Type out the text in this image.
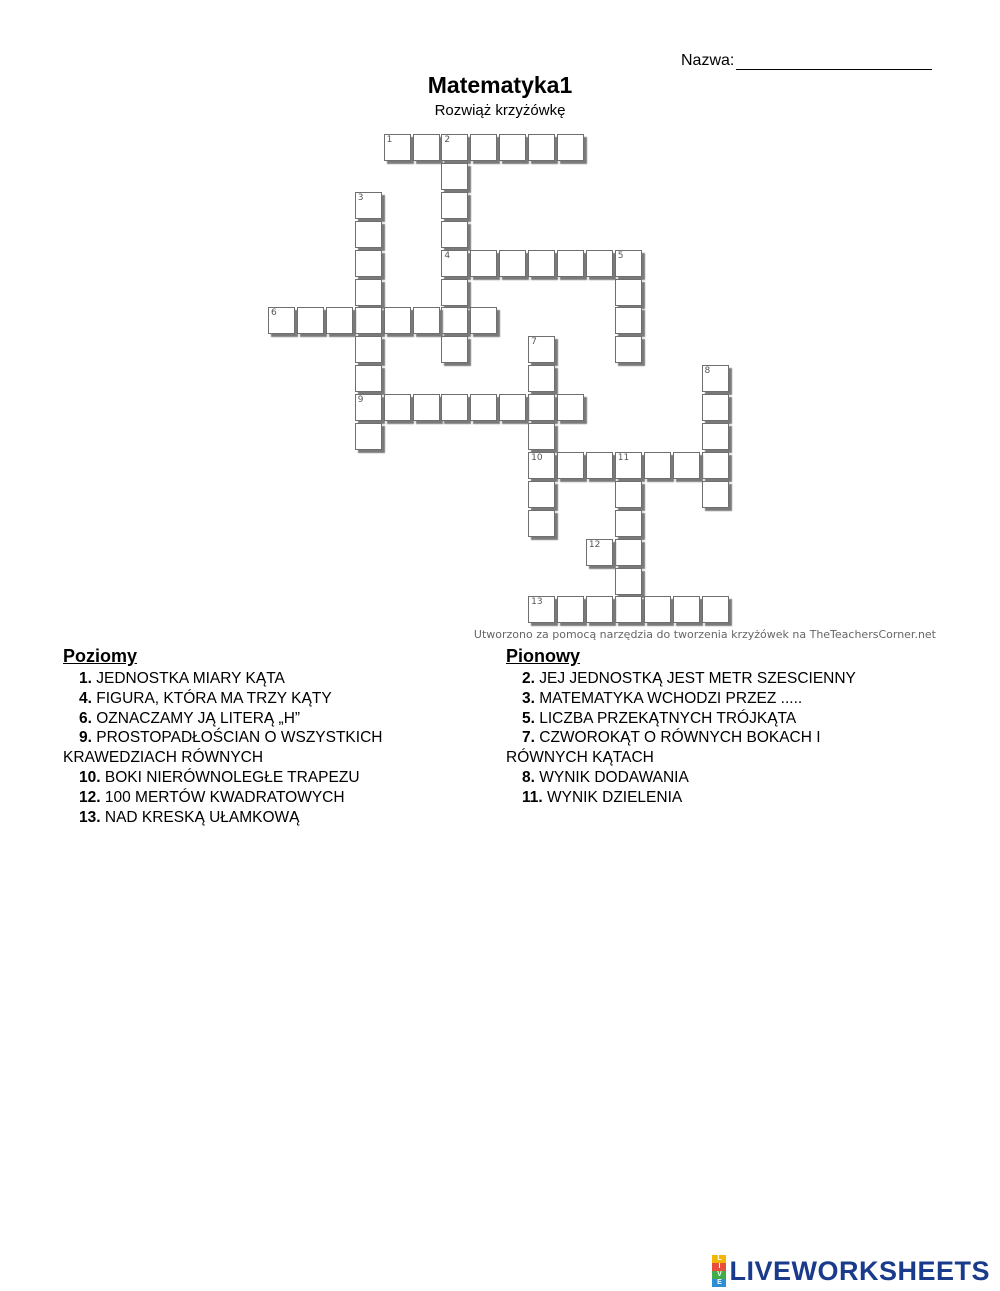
Nazwa:
Matematyka1
Rozwiąż krzyżówkę
1	2
4
3
9
5
6
7
10
8
11
12
13
Utworzono za pomocą narzędzia do tworzenia krzyżówek na TheTeachersCorner.net
Poziomy
1. JEDNOSTKA MIARY KĄTA
4. FIGURA, KTÓRA MA TRZY KĄTY
6. OZNACZAMY JĄ LITERĄ „H”
9. PROSTOPADŁOŚCIAN O WSZYSTKICH
KRAWEDZIACH RÓWNYCH
10. BOKI NIERÓWNOLEGŁE TRAPEZU
12. 100 MERTÓW KWADRATOWYCH
13. NAD KRESKĄ UŁAMKOWĄ
Pionowy
2. JEJ JEDNOSTKĄ JEST METR SZESCIENNY
3. MATEMATYKA WCHODZI PRZEZ .....
5. LICZBA PRZEKĄTNYCH TRÓJKĄTA
7. CZWOROKĄT O RÓWNYCH BOKACH I
RÓWNYCH KĄTACH
8. WYNIK DODAWANIA
11. WYNIK DZIELENIA
L
I
V
E LIVEWORKSHEETS
